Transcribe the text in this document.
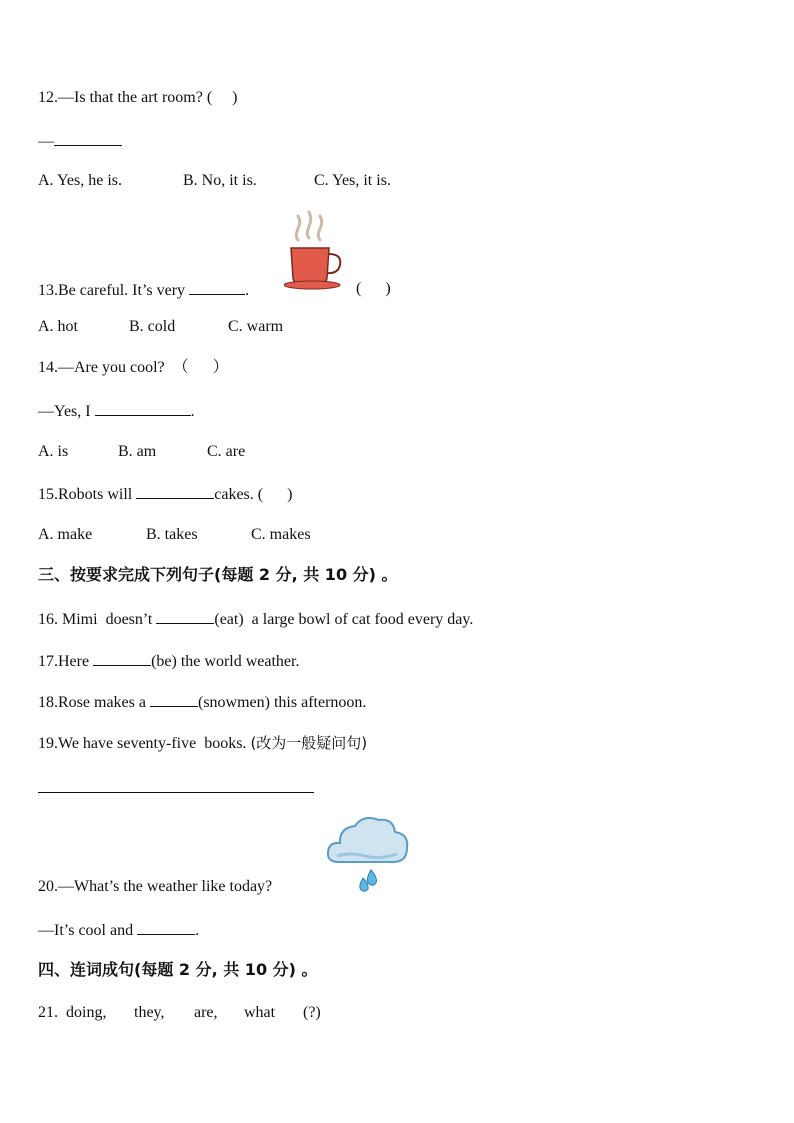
12.—Is that the art room? (     )
—
A. Yes, he is.	B. No, it is.	C. Yes, it is.
13.Be careful. It’s very	.	(      )
A. hot	B. cold	C. warm
14.—Are you cool?  （      ）
—Yes, I	.
A. is	B. am	C. are
15.Robots will	cakes. (      )
A. make	B. takes	C. makes
三、按要求完成下列句子(每题 2 分, 共 10 分) 。
16. Mimi  doesn’t	(eat)  a large bowl of cat food every day.
17.Here	(be) the world weather.
18.Rose makes a	(snowmen) this afternoon.
19.We have seventy-five  books. (改为一般疑问句)
20.—What’s the weather like today?
—It’s cool and	.
四、连词成句(每题 2 分, 共 10 分) 。
21. doing, they, are, what (?)
